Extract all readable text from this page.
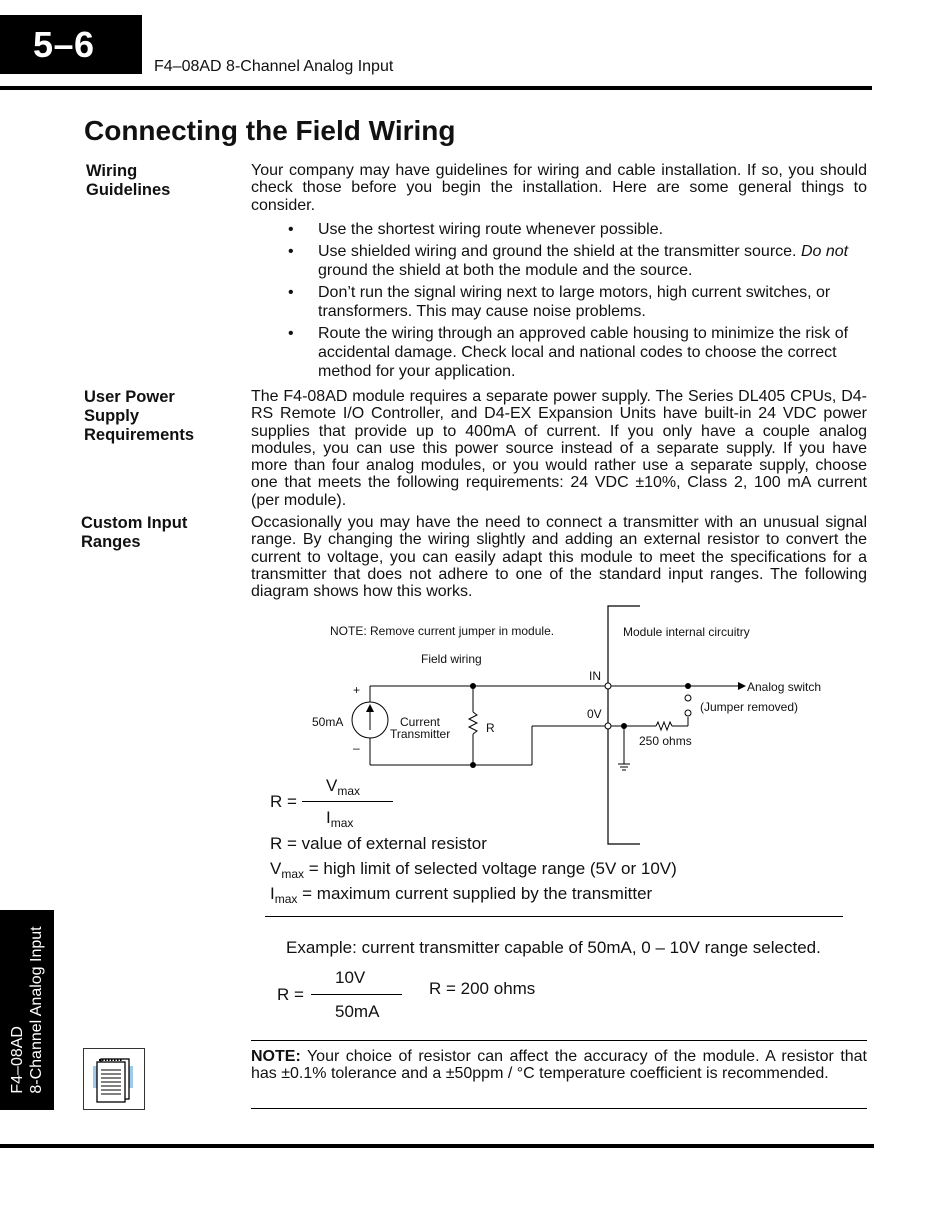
5–6
F4–08AD 8-Channel Analog Input
Connecting the Field Wiring
Wiring
Guidelines

Your company may have guidelines for wiring and cable installation. If so, you should check those before you begin the installation. Here are some general things to consider.

• Use the shortest wiring route whenever possible.
• Use shielded wiring and ground the shield at the transmitter source. Do not ground the shield at both the module and the source.
• Don’t run the signal wiring next to large motors, high current switches, or transformers. This may cause noise problems.
• Route the wiring through an approved cable housing to minimize the risk of accidental damage. Check local and national codes to choose the correct method for your application.
User Power
Supply
Requirements

The F4-08AD module requires a separate power supply. The Series DL405 CPUs, D4-RS Remote I/O Controller, and D4-EX Expansion Units have built-in 24 VDC power supplies that provide up to 400mA of current. If you only have a couple analog modules, you can use this power source instead of a separate supply. If you have more than four analog modules, or you would rather use a separate supply, choose one that meets the following requirements: 24 VDC ±10%, Class 2, 100 mA current (per module).

Custom Input
Ranges

Occasionally you may have the need to connect a transmitter with an unusual signal range. By changing the wiring slightly and adding an external resistor to convert the current to voltage, you can easily adapt this module to meet the specifications for a transmitter that does not adhere to one of the standard input ranges. The following diagram shows how this works.

NOTE: Remove current jumper in module.	Module internal circuitry
Field wiring
IN
0V
Analog switch
(Jumper removed)
250 ohms
50mA
+
–
Current
Transmitter	R
R =
$V_{max}$
$I_{max}$
R = value of external resistor
$V_{max}$ = high limit of selected voltage range (5V or 10V)
$I_{max}$ = maximum current supplied by the transmitter
Example: current transmitter capable of 50mA, 0 – 10V range selected.
R =
10V
50mA
R = 200 ohms

NOTE: Your choice of resistor can affect the accuracy of the module. A resistor that has ±0.1% tolerance and a ±50ppm / °C temperature coefficient is recommended.

F4–08AD 8-Channel Analog Input
